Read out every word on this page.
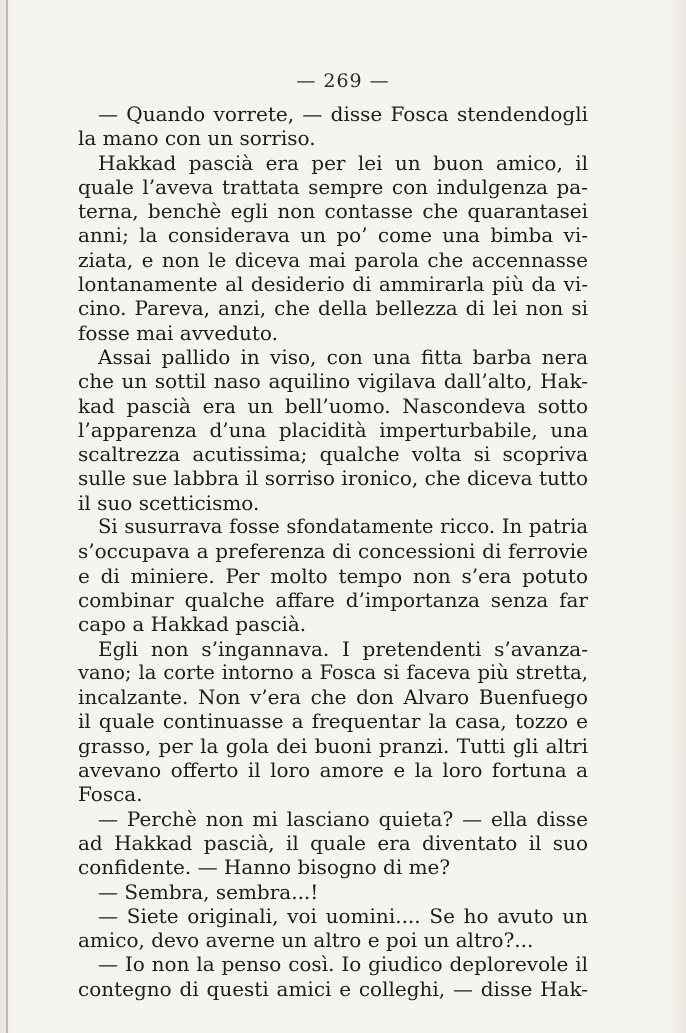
— 269 —
— Quando vorrete, — disse Fosca stendendogli
la mano con un sorriso.
Hakkad pascià era per lei un buon amico, il
quale l’aveva trattata sempre con indulgenza pa-
terna, benchè egli non contasse che quarantasei
anni; la considerava un po’ come una bimba vi-
ziata, e non le diceva mai parola che accennasse
lontanamente al desiderio di ammirarla più da vi-
cino. Pareva, anzi, che della bellezza di lei non si
fosse mai avveduto.
Assai pallido in viso, con una fitta barba nera
che un sottil naso aquilino vigilava dall’alto, Hak-
kad pascià era un bell’uomo. Nascondeva sotto
l’apparenza d’una placidità imperturbabile, una
scaltrezza acutissima; qualche volta si scopriva
sulle sue labbra il sorriso ironico, che diceva tutto
il suo scetticismo.
Si susurrava fosse sfondatamente ricco. In patria
s’occupava a preferenza di concessioni di ferrovie
e di miniere. Per molto tempo non s’era potuto
combinar qualche affare d’importanza senza far
capo a Hakkad pascià.
Egli non s’ingannava. I pretendenti s’avanza-
vano; la corte intorno a Fosca si faceva più stretta,
incalzante. Non v’era che don Alvaro Buenfuego
il quale continuasse a frequentar la casa, tozzo e
grasso, per la gola dei buoni pranzi. Tutti gli altri
avevano offerto il loro amore e la loro fortuna a
Fosca.
— Perchè non mi lasciano quieta? — ella disse
ad Hakkad pascià, il quale era diventato il suo
confidente. — Hanno bisogno di me?
— Sembra, sembra...!
— Siete originali, voi uomini.... Se ho avuto un
amico, devo averne un altro e poi un altro?...
— Io non la penso così. Io giudico deplorevole il
contegno di questi amici e colleghi, — disse Hak-
